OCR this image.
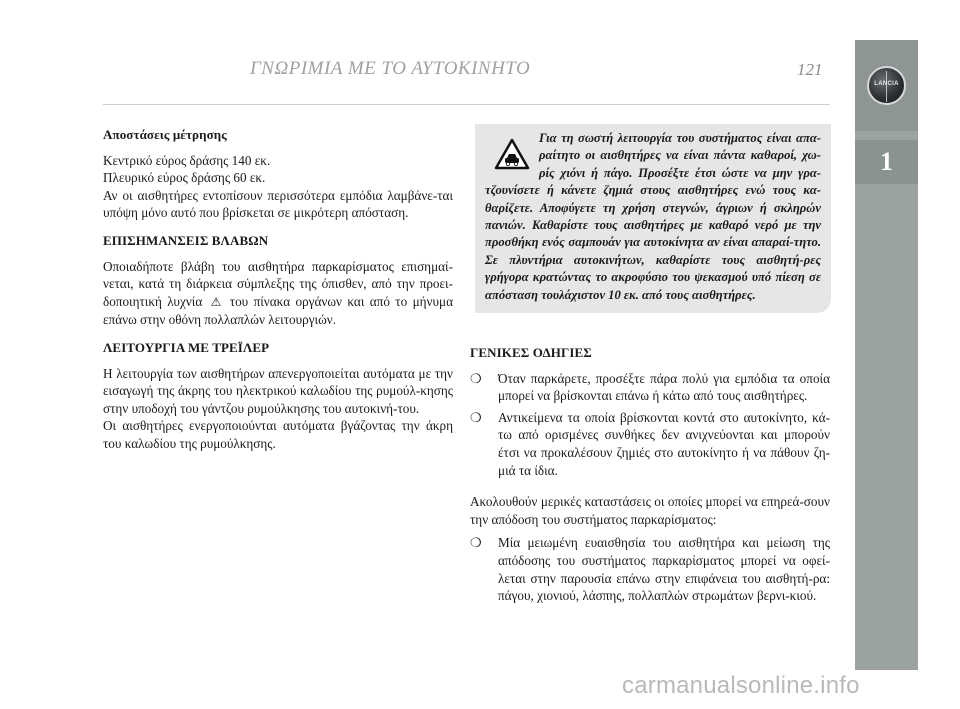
ΓΝΩΡΙΜΙΑ ΜΕ ΤΟ ΑΥΤΟΚΙΝΗΤΟ	121
LANCIA
1
Αποστάσεις μέτρησης

Κεντρικό εύρος δράσης 140 εκ.

Πλευρικό εύρος δράσης 60 εκ.

Αν οι αισθητήρες εντοπίσουν περισσότερα εμπόδια λαμβάνε-ται υπόψη μόνο αυτό που βρίσκεται σε μικρότερη απόσταση.

ΕΠΙΣΗΜΑΝΣΕΙΣ ΒΛΑΒΩΝ

Οποιαδήποτε βλάβη του αισθητήρα παρκαρίσματος επισημαί-νεται, κατά τη διάρκεια σύμπλεξης της όπισθεν, από την προει-δοποιητική λυχνία ⚠ του πίνακα οργάνων και από το μήνυμα επάνω στην οθόνη πολλαπλών λειτουργιών.

ΛΕΙΤΟΥΡΓΙΑ ΜΕ ΤΡΕΪΛΕΡ

Η λειτουργία των αισθητήρων απενεργοποιείται αυτόματα με την εισαγωγή της άκρης του ηλεκτρικού καλωδίου της ρυμούλ-κησης στην υποδοχή του γάντζου ρυμούλκησης του αυτοκινή-του.

Οι αισθητήρες ενεργοποιούνται αυτόματα βγάζοντας την άκρη του καλωδίου της ρυμούλκησης.

Για τη σωστή λειτουργία του συστήματος είναι απα-ραίτητο οι αισθητήρες να είναι πάντα καθαροί, χω-ρίς χιόνι ή πάγο. Προσέξτε έτσι ώστε να μην γρα-τζουνίσετε ή κάνετε ζημιά στους αισθητήρες ενώ τους κα-θαρίζετε. Αποφύγετε τη χρήση στεγνών, άγριων ή σκληρών πανιών. Καθαρίστε τους αισθητήρες με καθαρό νερό με την προσθήκη ενός σαμπουάν για αυτοκίνητα αν είναι απαραί-τητο. Σε πλυντήρια αυτοκινήτων, καθαρίστε τους αισθητή-ρες γρήγορα κρατώντας το ακροφύσιο του ψεκασμού υπό πίεση σε απόσταση τουλάχιστον 10 εκ. από τους αισθητήρες.
ΓΕΝΙΚΕΣ ΟΔΗΓΙΕΣ
❍	Όταν παρκάρετε, προσέξτε πάρα πολύ για εμπόδια τα οποία μπορεί να βρίσκονται επάνω ή κάτω από τους αισθητήρες.
❍	Αντικείμενα τα οποία βρίσκονται κοντά στο αυτοκίνητο, κά-τω από ορισμένες συνθήκες δεν ανιχνεύονται και μπορούν έτσι να προκαλέσουν ζημιές στο αυτοκίνητο ή να πάθουν ζη-μιά τα ίδια.

Ακολουθούν μερικές καταστάσεις οι οποίες μπορεί να επηρεά-σουν την απόδοση του συστήματος παρκαρίσματος:

❍	Μία μειωμένη ευαισθησία του αισθητήρα και μείωση της απόδοσης του συστήματος παρκαρίσματος μπορεί να οφεί-λεται στην παρουσία επάνω στην επιφάνεια του αισθητή-ρα: πάγου, χιονιού, λάσπης, πολλαπλών στρωμάτων βερνι-κιού.
carmanualsonline.info
